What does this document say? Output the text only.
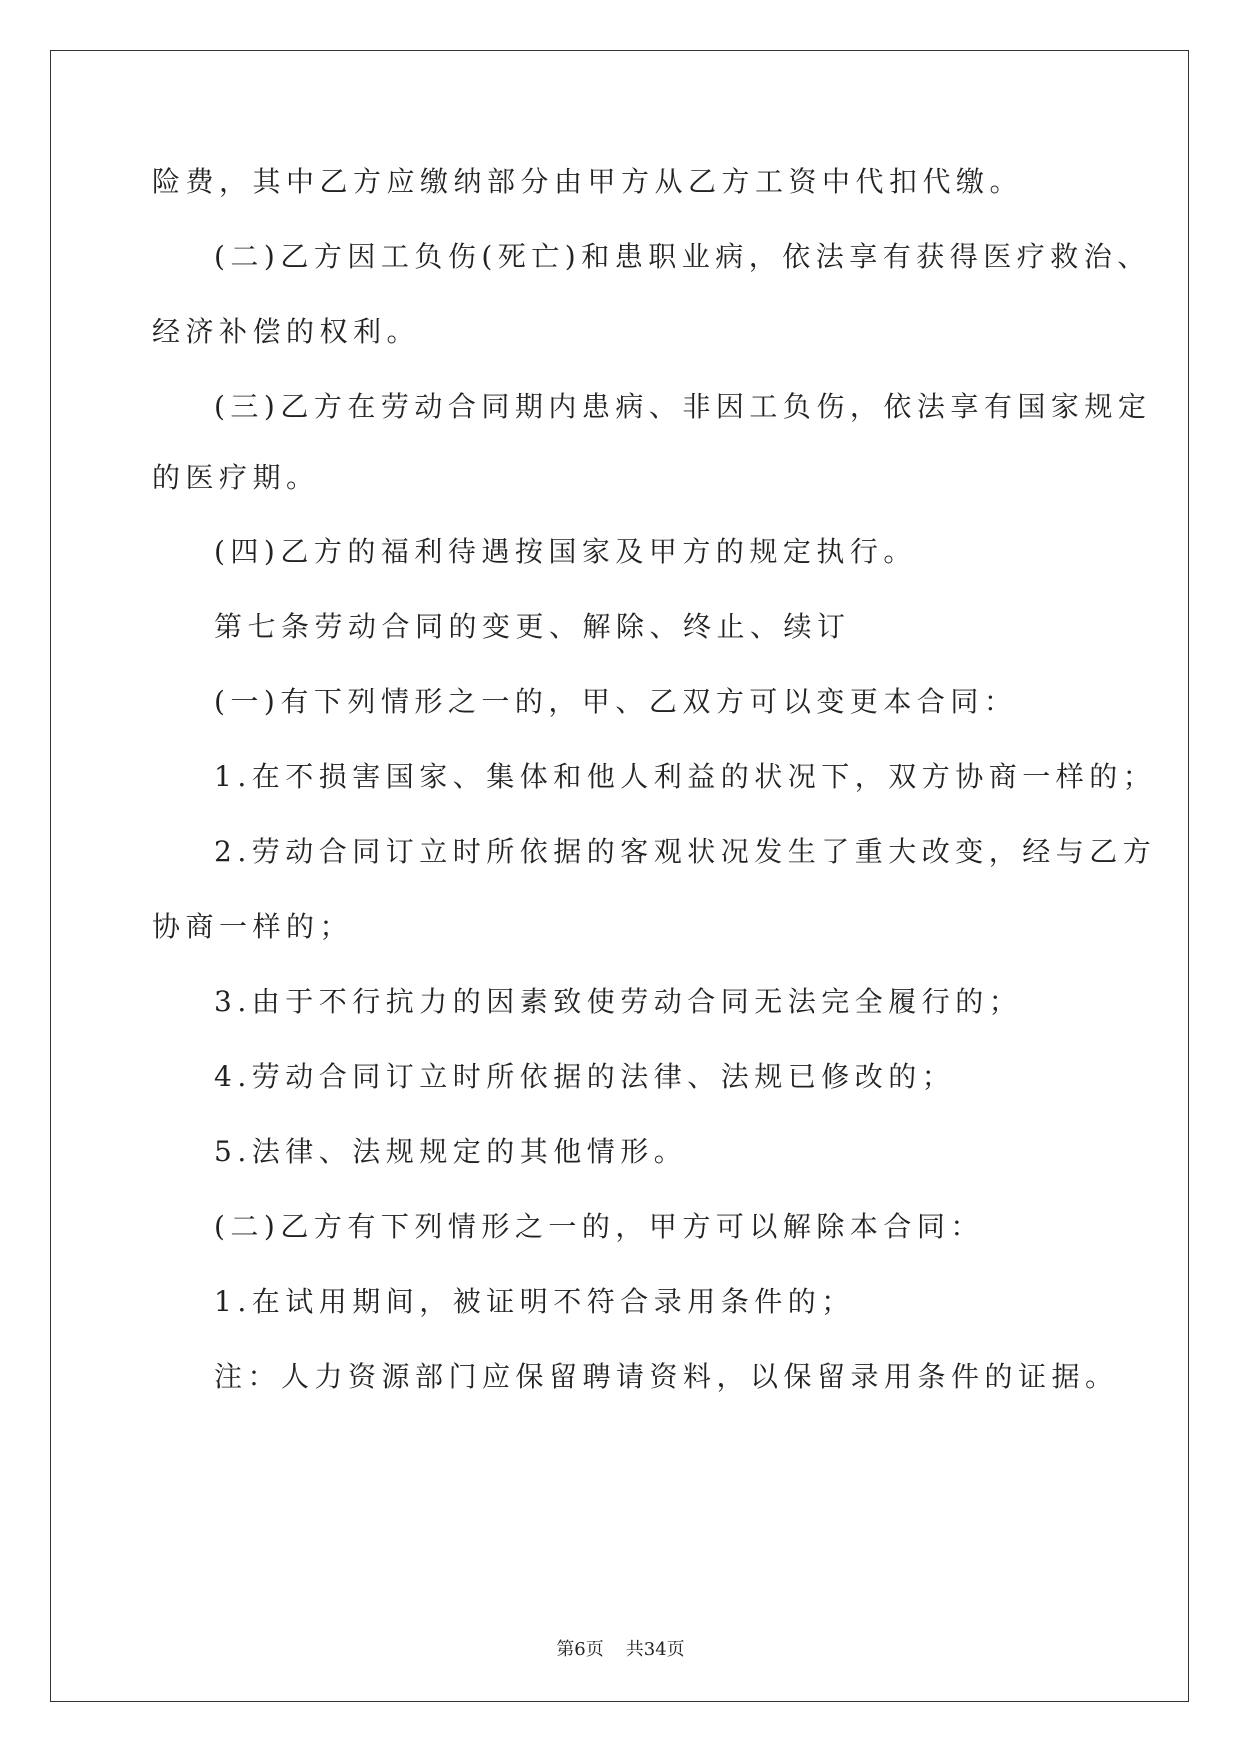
险费，其中乙方应缴纳部分由甲方从乙方工资中代扣代缴。
(二)乙方因工负伤(死亡)和患职业病，依法享有获得医疗救治、
经济补偿的权利。
(三)乙方在劳动合同期内患病、非因工负伤，依法享有国家规定
的医疗期。
(四)乙方的福利待遇按国家及甲方的规定执行。
第七条劳动合同的变更、解除、终止、续订
(一)有下列情形之一的，甲、乙双方可以变更本合同：
1.在不损害国家、集体和他人利益的状况下，双方协商一样的；
2.劳动合同订立时所依据的客观状况发生了重大改变，经与乙方
协商一样的；
3.由于不行抗力的因素致使劳动合同无法完全履行的；
4.劳动合同订立时所依据的法律、法规已修改的；
5.法律、法规规定的其他情形。
(二)乙方有下列情形之一的，甲方可以解除本合同：
1.在试用期间，被证明不符合录用条件的；
注：人力资源部门应保留聘请资料，以保留录用条件的证据。
第6页 共34页
